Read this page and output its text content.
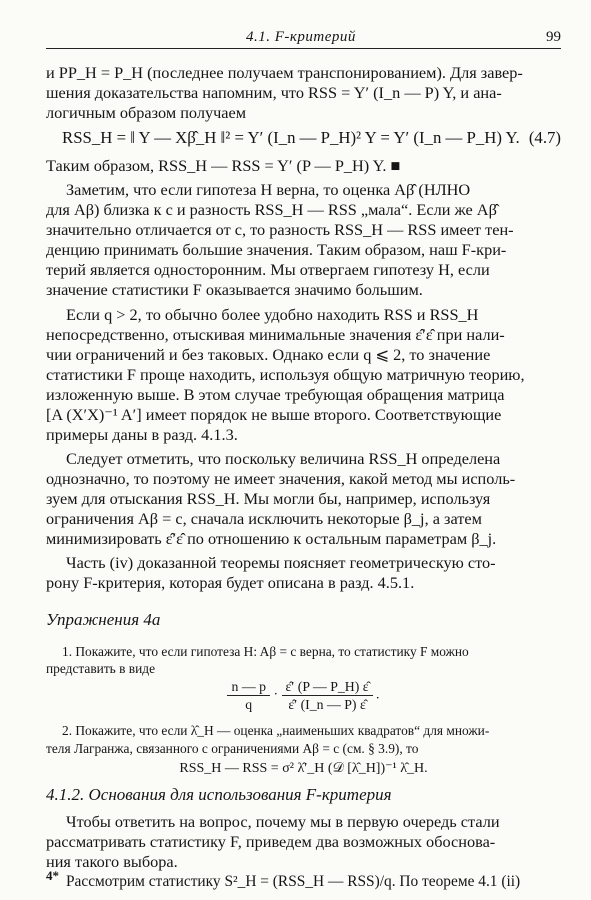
4.1. F-критерий	99
и PP_H = P_H (последнее получаем транспонированием). Для завер-
шения доказательства напомним, что RSS = Y′ (I_n — P) Y, и ана-
логичным образом получаем
RSS_H = ‖ Y — Xβ̂_H ‖² = Y′ (I_n — P_H)² Y = Y′ (I_n — P_H) Y. (4.7)
Таким образом, RSS_H — RSS = Y′ (P — P_H) Y. ■
Заметим, что если гипотеза H верна, то оценка Aβ̂ (НЛНО
для Aβ) близка к c и разность RSS_H — RSS „мала“. Если же Aβ̂
значительно отличается от c, то разность RSS_H — RSS имеет тен-
денцию принимать большие значения. Таким образом, наш F-кри-
терий является односторонним. Мы отвергаем гипотезу H, если
значение статистики F оказывается значимо большим.
Если q > 2, то обычно более удобно находить RSS и RSS_H
непосредственно, отыскивая минимальные значения ε̂′ε̂ при нали-
чии ограничений и без таковых. Однако если q ⩽ 2, то значение
статистики F проще находить, используя общую матричную теорию,
изложенную выше. В этом случае требующая обращения матрица
[A (X′X)⁻¹ A′] имеет порядок не выше второго. Соответствующие
примеры даны в разд. 4.1.3.
Следует отметить, что поскольку величина RSS_H определена
однозначно, то поэтому не имеет значения, какой метод мы исполь-
зуем для отыскания RSS_H. Мы могли бы, например, используя
ограничения Aβ = c, сначала исключить некоторые β_j, а затем
минимизировать ε̂′ε̂ по отношению к остальным параметрам β_j.
Часть (iv) доказанной теоремы поясняет геометрическую сто-
рону F-критерия, которая будет описана в разд. 4.5.1.
Упражнения 4а
1. Покажите, что если гипотеза H: Aβ = c верна, то статистику F можно
представить в виде
$\frac{n — p}{q} \cdot \frac{\varepsilon̂' (P — P\_H) \varepsilon̂}{\varepsilon̂' (I\_n — P) \varepsilon̂}$ .
2. Покажите, что если λ̂_H — оценка „наименьших квадратов“ для множи-
теля Лагранжа, связанного с ограничениями Aβ = c (см. § 3.9), то
RSS_H — RSS = σ² λ̂′_H (𝒟 [λ̂_H])⁻¹ λ̂_H.
4.1.2. Основания для использования F-критерия
Чтобы ответить на вопрос, почему мы в первую очередь стали
рассматривать статистику F, приведем два возможных обоснова-
ния такого выбора.
Рассмотрим статистику S²_H = (RSS_H — RSS)/q. По теореме 4.1 (ii)
4*
